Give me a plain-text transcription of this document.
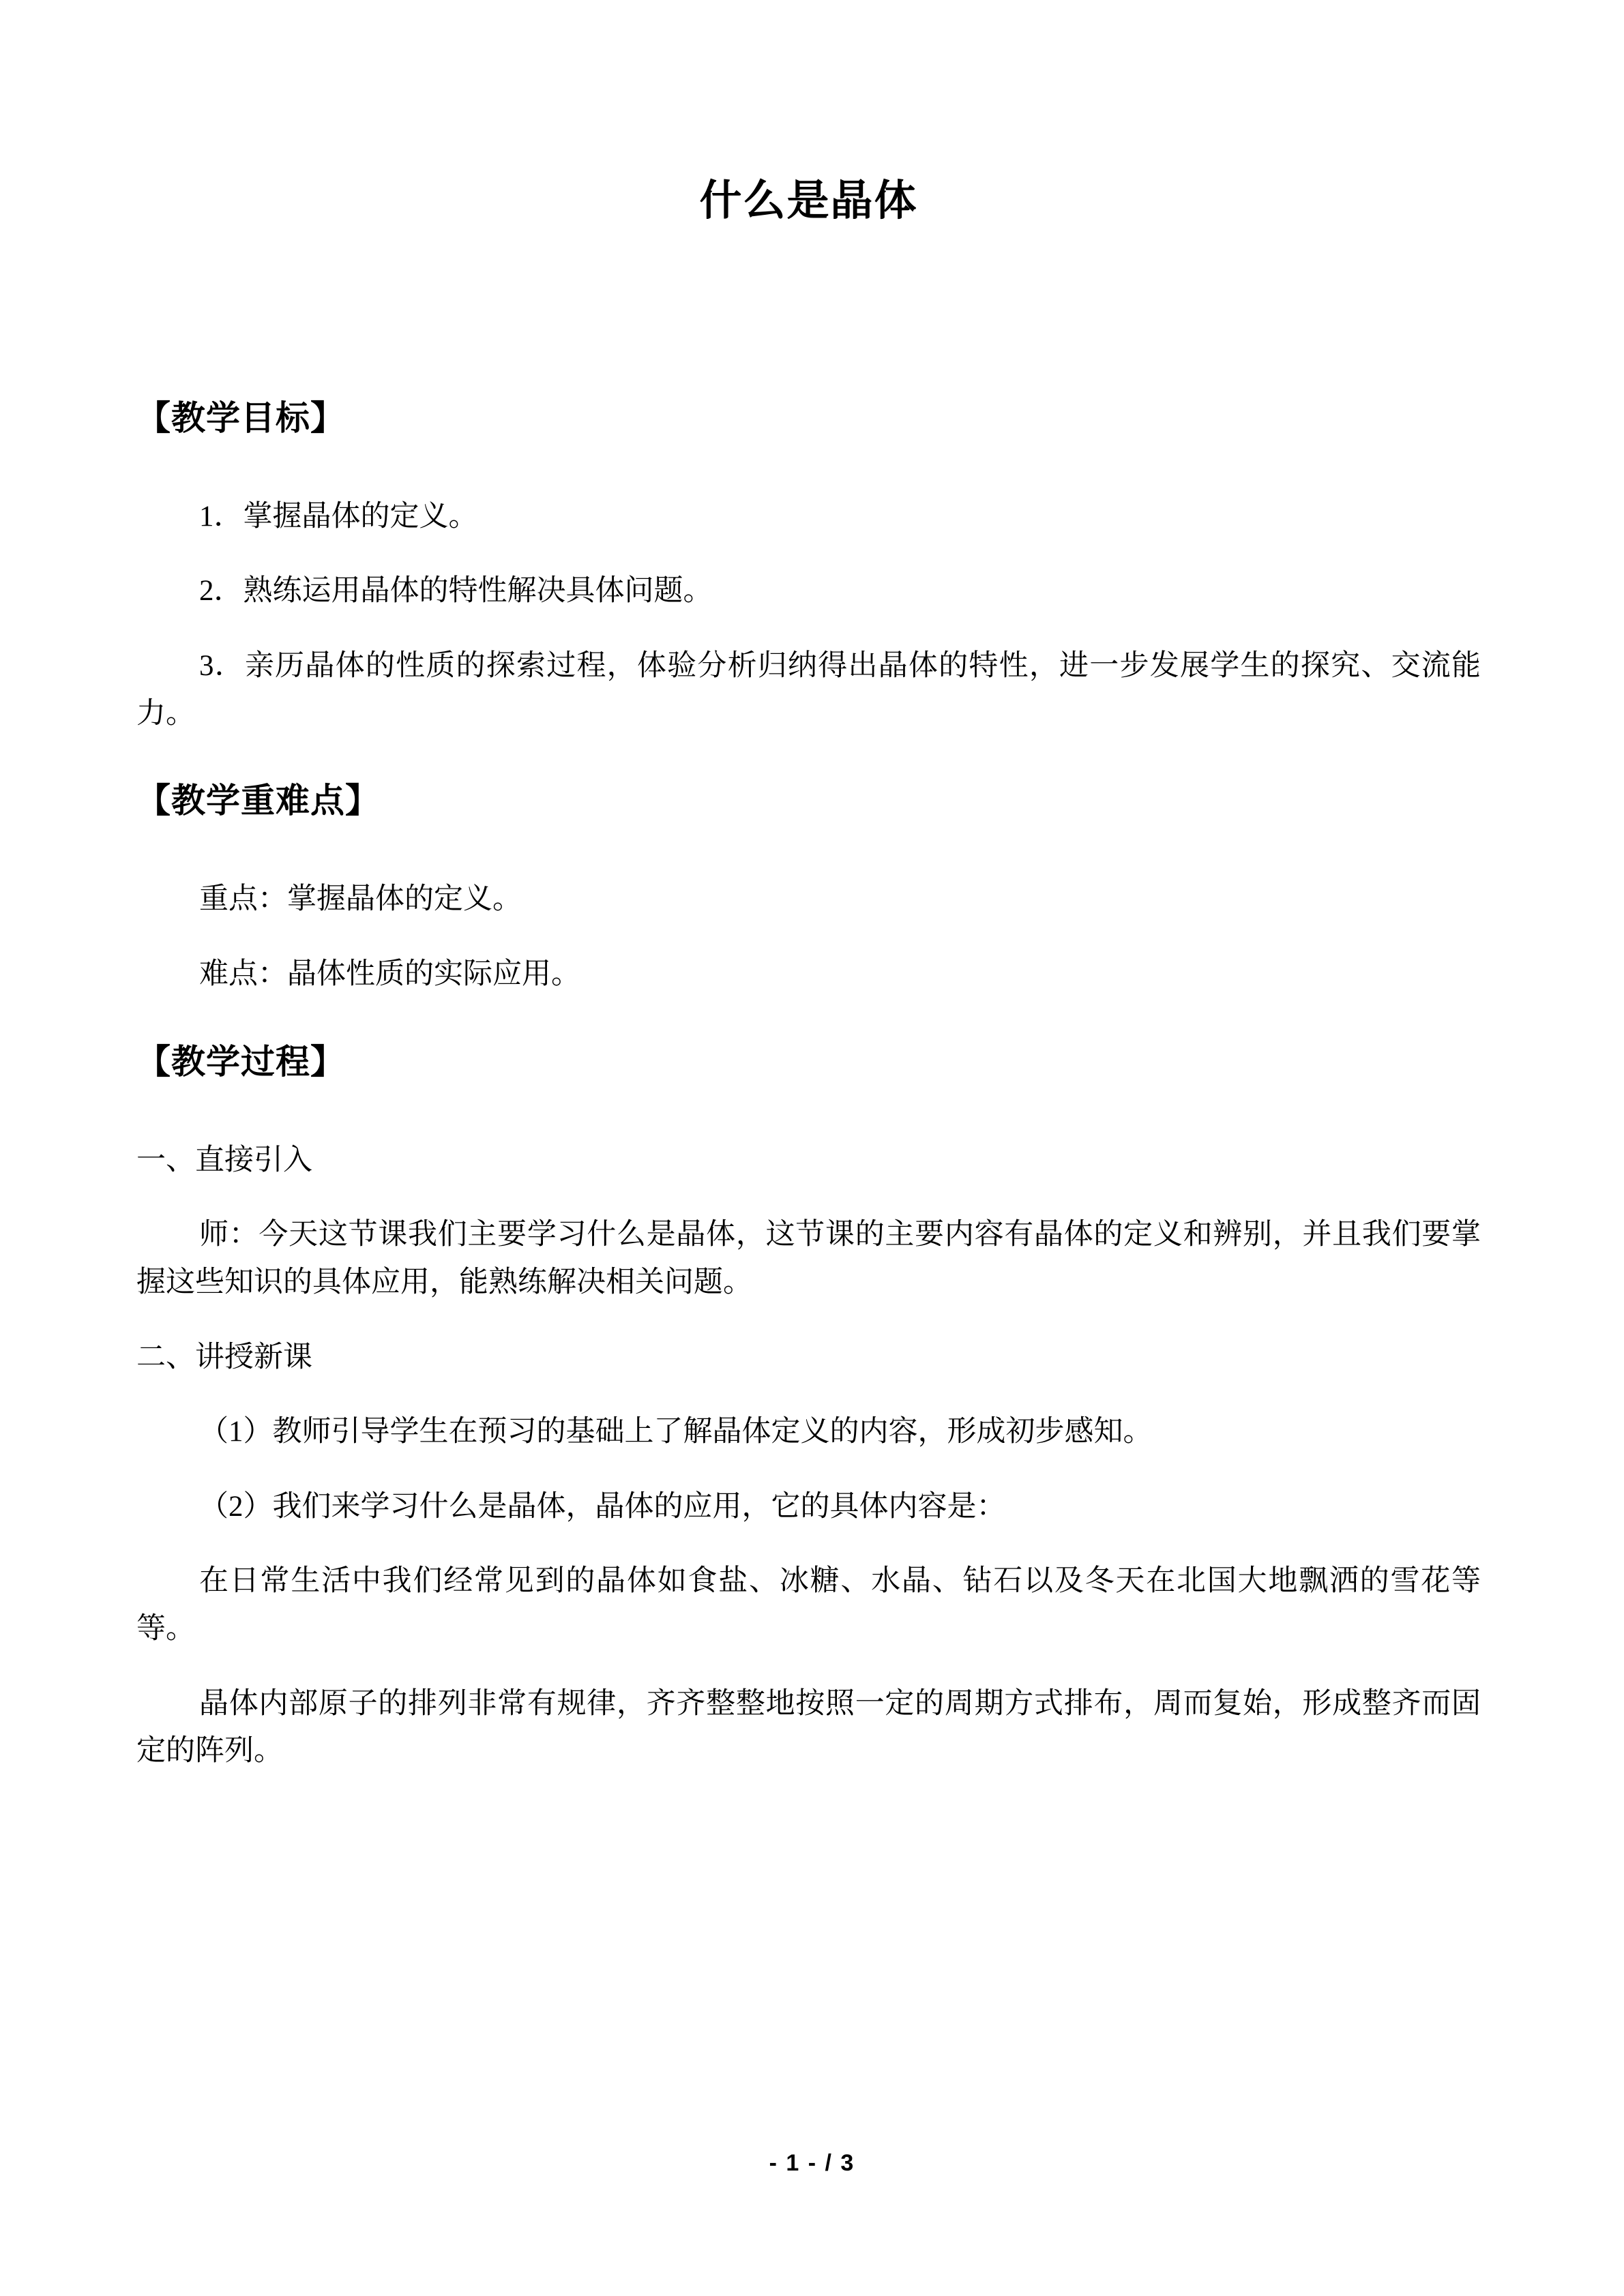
什么是晶体
【教学目标】

1．掌握晶体的定义。

2．熟练运用晶体的特性解决具体问题。

3．亲历晶体的性质的探索过程，体验分析归纳得出晶体的特性，进一步发展学生的探究、交流能力。

【教学重难点】

重点：掌握晶体的定义。

难点：晶体性质的实际应用。

【教学过程】

一、直接引入

师：今天这节课我们主要学习什么是晶体，这节课的主要内容有晶体的定义和辨别，并且我们要掌握这些知识的具体应用，能熟练解决相关问题。

二、讲授新课

（1）教师引导学生在预习的基础上了解晶体定义的内容，形成初步感知。

（2）我们来学习什么是晶体，晶体的应用，它的具体内容是：

在日常生活中我们经常见到的晶体如食盐、冰糖、水晶、钻石以及冬天在北国大地飘洒的雪花等等。

晶体内部原子的排列非常有规律，齐齐整整地按照一定的周期方式排布，周而复始，形成整齐而固定的阵列。

- 1 - / 3
